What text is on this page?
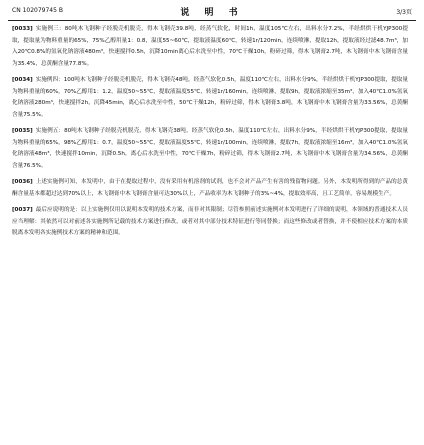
CN 102079745 B	说 明 书	3/3页

[0033] 实施例三：80吨木飞钢种子经脱壳机脱壳，得木飞钢壳39.8吨，经蒸气软化，时间1h，温度105℃左右，出料水分7.2%，半经烘烘干机YJP300提取，提取量为物料重量的65%，75%乙醇用量1：0.8，温度55~60℃，提取液温度60℃，转速1r/120min，连续喷淋，提取12h，提取液经过滤48.7m³，加入20℃0.8%的氢氧化钠溶液480m³，快速搅拌0.5h，沉降10min离心后水洗至中性，70℃干燥10h，粉碎过筛，得木飞钢膏2.7吨，木飞钢膏中木飞钢膏含量为35.4%，总黄酮含量77.8%。

[0034] 实施例四：100吨木飞钢种子经脱壳机脱壳，得木飞钢壳48吨，经蒸气软化0.5h，温度110℃左右，出料水分9%，半经烘烘干机YJP300提取，提取量为物料重量的60%，70%乙醇用1：1.2，温度50~55℃，提取液温度55℃，转速1r/160min，连续喷淋，提取9h，提取液浓缩至35m³，加入40℃1.0%氢氧化钠溶液280m³，快速搅拌2h，沉降45min，离心后水洗至中性，50℃干燥12h，粉碎过筛，得木飞钢膏3.8吨，木飞钢膏中木飞钢膏含量为33.56%，总黄酮含量75.5%。

[0035] 实施例五：80吨木飞钢种子经脱壳机脱壳，得木飞钢壳38吨，经蒸气软化0.5h，温度110℃左右，出料水分9%，半经烘烘干机YJP300提取，提取量为物料重量的65%，98%乙醇用1：0.7，温度50~55℃，提取液温度55℃，转速1r/100min，连续喷淋，提取7h，提取液浓缩至16m³，加入40℃1.0%氢氧化钠溶液48m³，快速搅拌10min，沉降0.5h，离心后水洗至中性，70℃干燥7h，粉碎过筛，得木飞钢膏2.7吨，木飞钢膏中木飞钢膏含量为34.56%，总黄酮含量76.5%。

[0036] 上述实施例可知，本发明中，由于在提取过程中，没有采用有机溶剂的试剂，也不会对产品产生有害的残留物问题。另外，本发明所得到的产品的总黄酮含量基本都超过达到70%以上，木飞钢膏中木飞钢膏含量可达30%以上，产品收率为木飞钢种子的3%~4%，提取效率高，且工艺简单，容易规模生产。

[0037] 最后应说明的是：以上实施例仅用以说明本发明的技术方案，而非对其限制；尽管参照前述实施例对本发明进行了详细的说明，本领域的普通技术人员应当理解：其依然可以对前述各实施例所记载的技术方案进行修改，或者对其中部分技术特征进行等同替换；而这些修改或者替换，并不使相应技术方案的本质脱离本发明各实施例技术方案的精神和范围。
